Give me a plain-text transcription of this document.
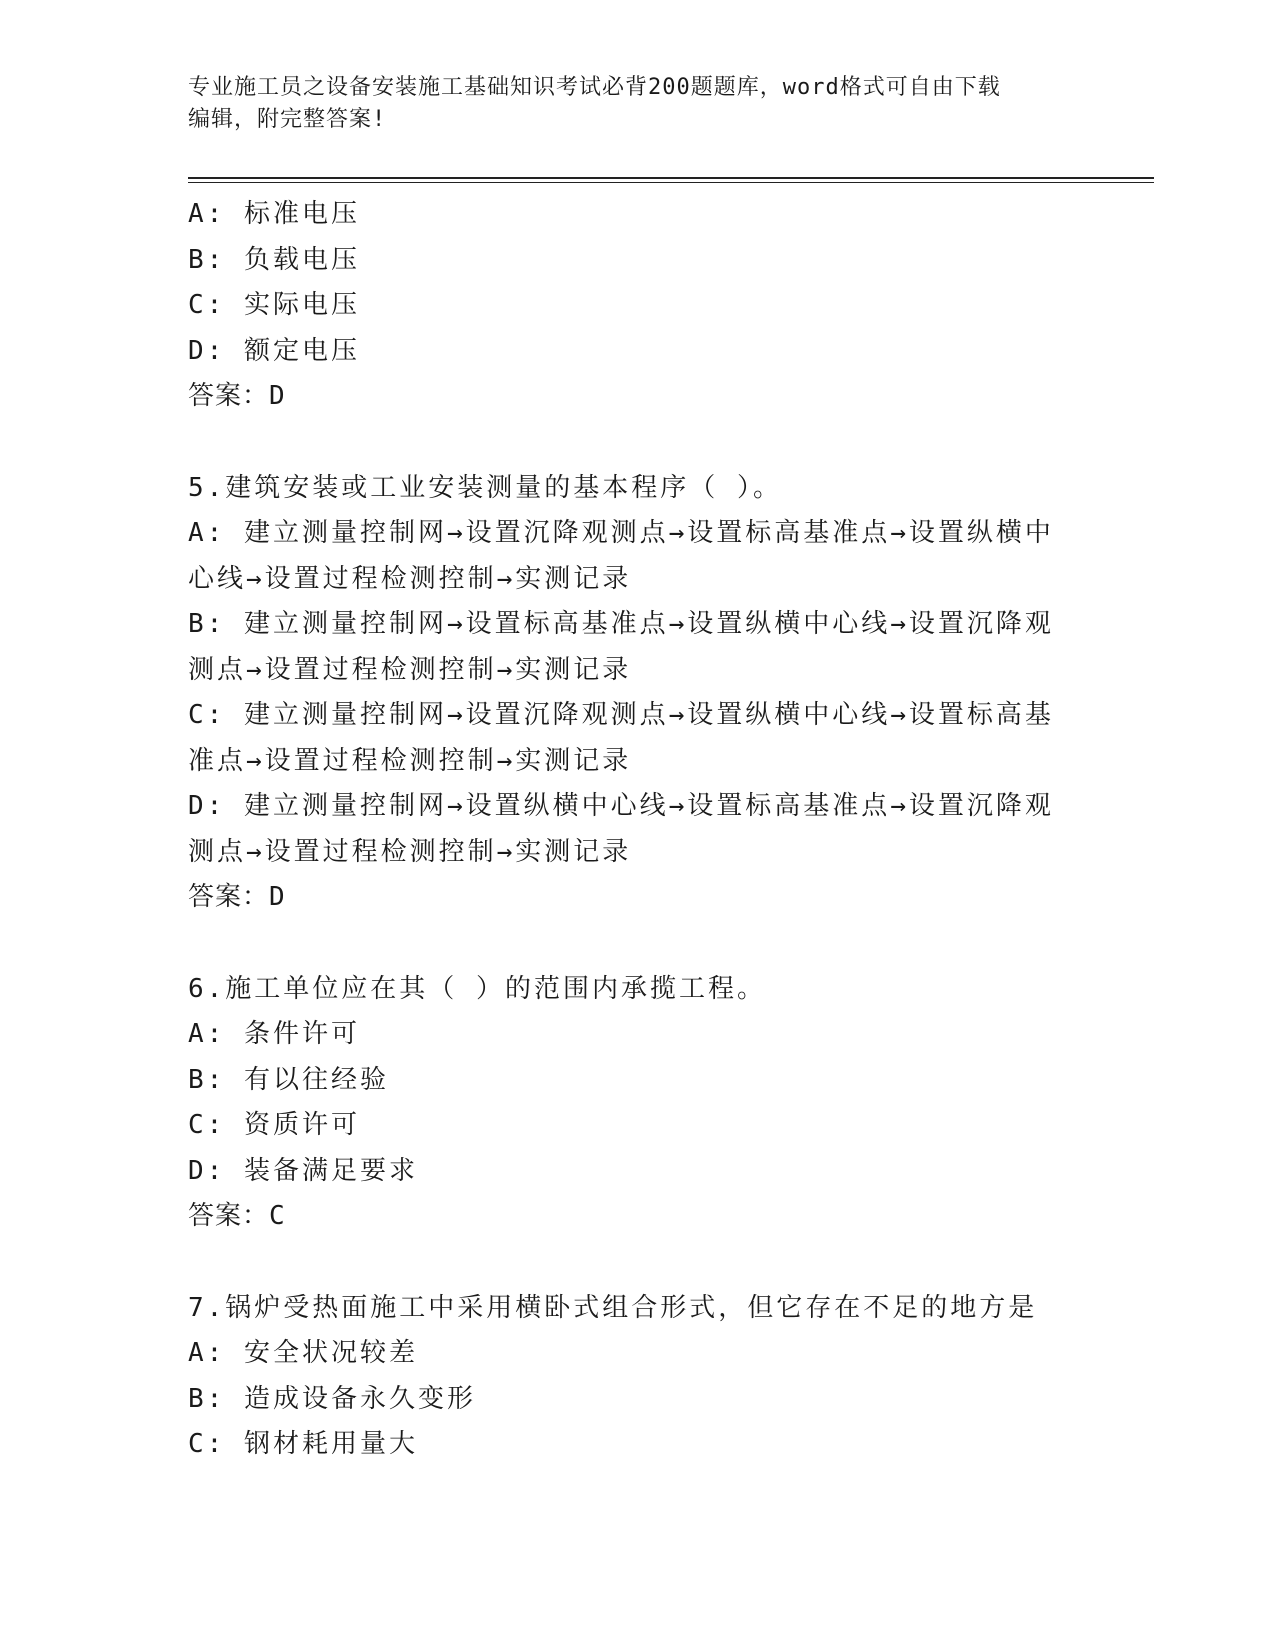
专业施工员之设备安装施工基础知识考试必背200题题库，word格式可自由下载
编辑，附完整答案!
A: 标准电压
B: 负载电压
C: 实际电压
D: 额定电压
答案：D
5.建筑安装或工业安装测量的基本程序（ ）。
A: 建立测量控制网→设置沉降观测点→设置标高基准点→设置纵横中
心线→设置过程检测控制→实测记录
B: 建立测量控制网→设置标高基准点→设置纵横中心线→设置沉降观
测点→设置过程检测控制→实测记录
C: 建立测量控制网→设置沉降观测点→设置纵横中心线→设置标高基
准点→设置过程检测控制→实测记录
D: 建立测量控制网→设置纵横中心线→设置标高基准点→设置沉降观
测点→设置过程检测控制→实测记录
答案：D
6.施工单位应在其（ ）的范围内承揽工程。
A: 条件许可
B: 有以往经验
C: 资质许可
D: 装备满足要求
答案：C
7.锅炉受热面施工中采用横卧式组合形式，但它存在不足的地方是
A: 安全状况较差
B: 造成设备永久变形
C: 钢材耗用量大
